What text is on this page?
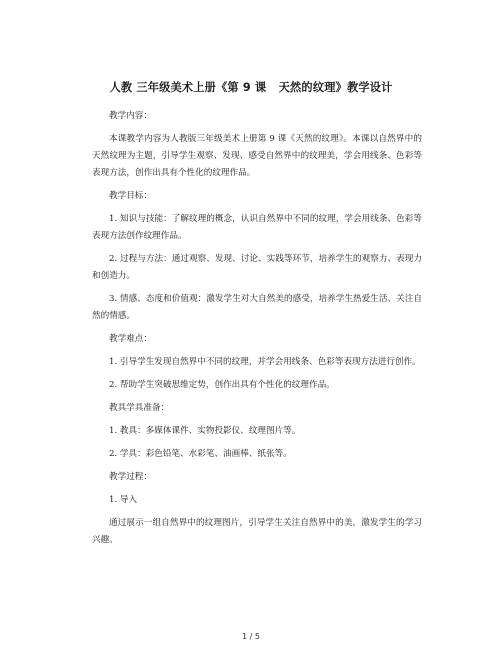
人教 三年级美术上册《第 9 课   天然的纹理》教学设计

教学内容：

本课教学内容为人教版三年级美术上册第 9 课《天然的纹理》。本课以自然界中的天然纹理为主题，引导学生观察、发现、感受自然界中的纹理美，学会用线条、色彩等表现方法，创作出具有个性化的纹理作品。

教学目标：

1. 知识与技能：了解纹理的概念，认识自然界中不同的纹理，学会用线条、色彩等表现方法创作纹理作品。

2. 过程与方法：通过观察、发现、讨论、实践等环节，培养学生的观察力、表现力和创造力。

3. 情感、态度和价值观：激发学生对大自然美的感受，培养学生热爱生活、关注自然的情感。

教学难点：

1. 引导学生发现自然界中不同的纹理，并学会用线条、色彩等表现方法进行创作。

2. 帮助学生突破思维定势，创作出具有个性化的纹理作品。

教具学具准备：

1. 教具：多媒体课件、实物投影仪、纹理图片等。

2. 学具：彩色铅笔、水彩笔、油画棒、纸张等。

教学过程：

1. 导入

通过展示一组自然界中的纹理图片，引导学生关注自然界中的美，激发学生的学习兴趣。

1 / 5
